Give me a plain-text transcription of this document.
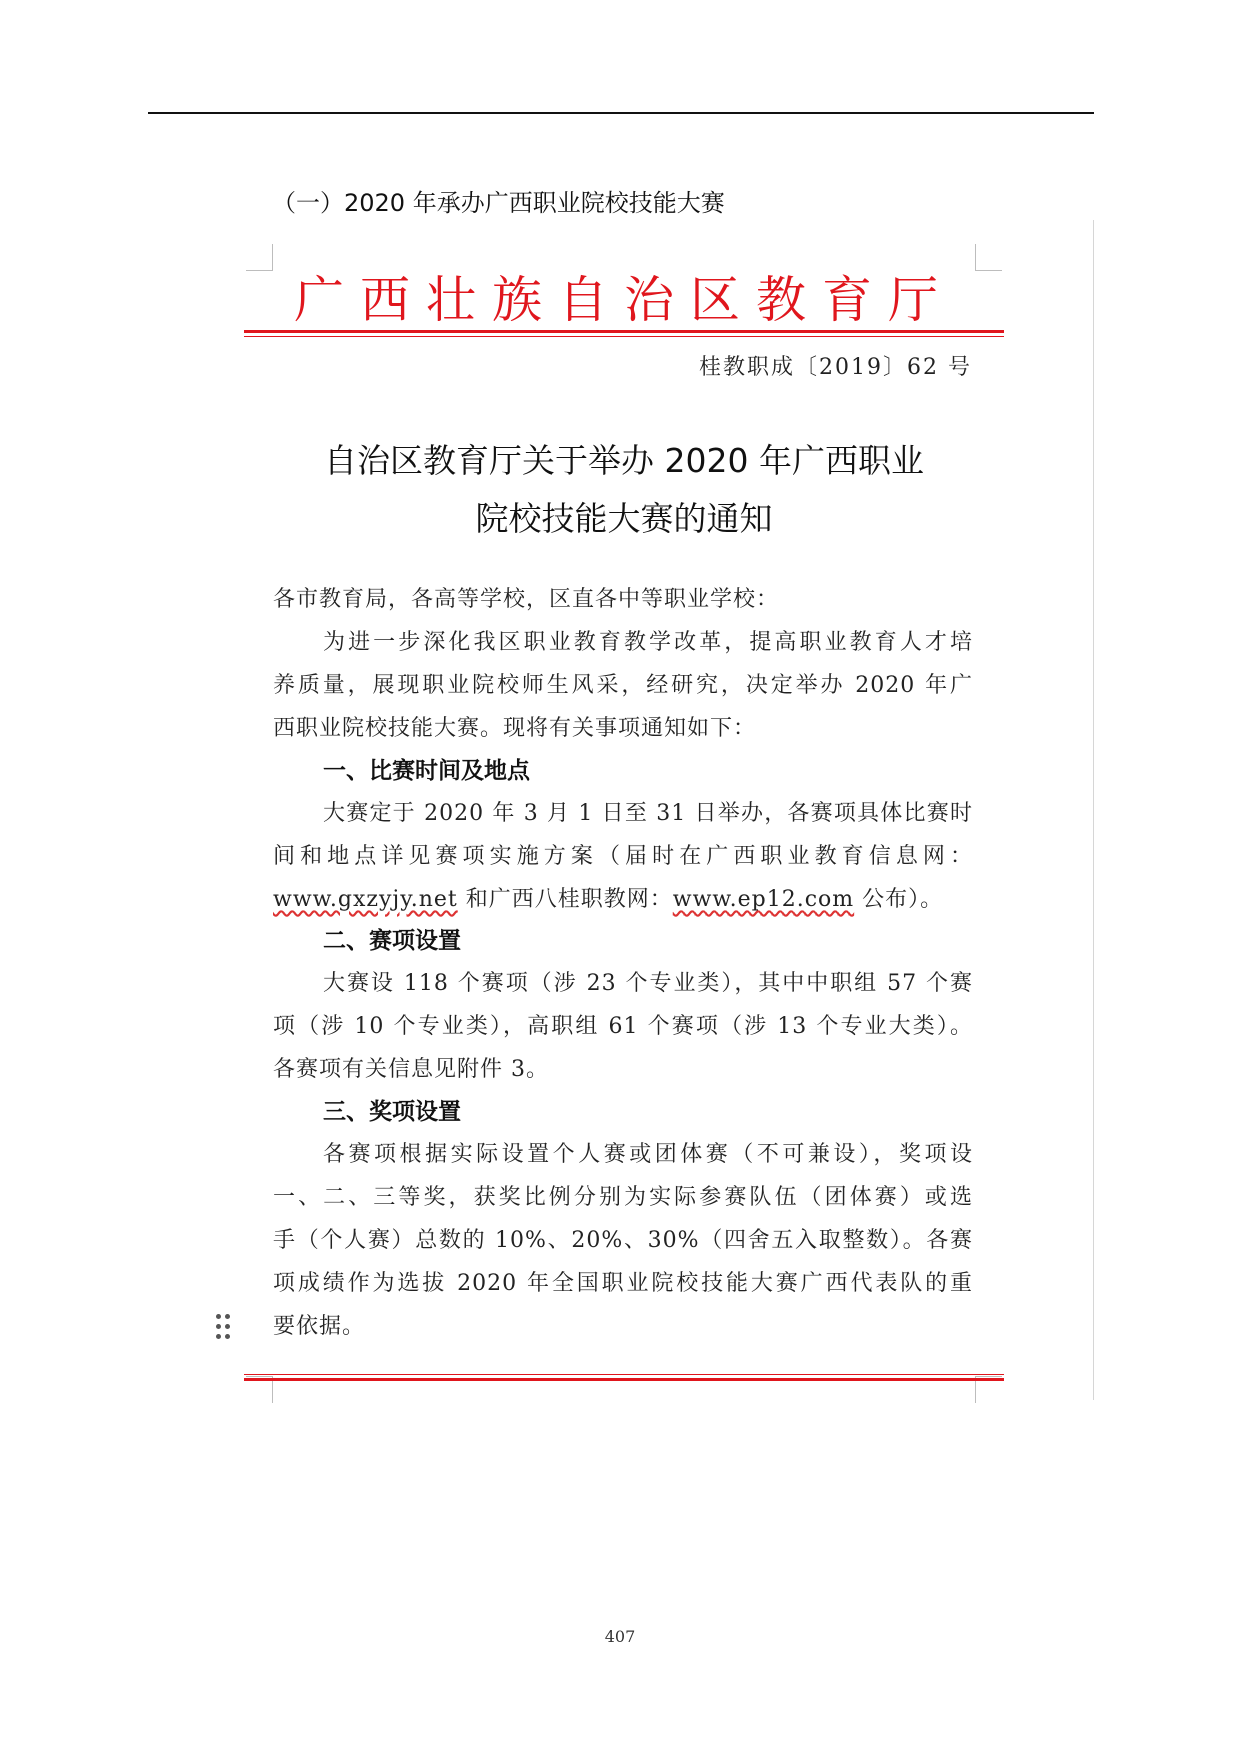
（一）2020 年承办广西职业院校技能大赛
广西壮族自治区教育厅
桂教职成〔2019〕62 号
自治区教育厅关于举办 2020 年广西职业
院校技能大赛的通知
各市教育局，各高等学校，区直各中等职业学校：
为进一步深化我区职业教育教学改革，提高职业教育人才培
养质量，展现职业院校师生风采，经研究，决定举办 2020 年广
西职业院校技能大赛。现将有关事项通知如下：
一、比赛时间及地点
大赛定于 2020 年 3 月 1 日至 31 日举办，各赛项具体比赛时
间和地点详见赛项实施方案（届时在广西职业教育信息网：
www.gxzyjy.net 和广西八桂职教网：www.ep12.com 公布）。
二、赛项设置
大赛设 118 个赛项（涉 23 个专业类），其中中职组 57 个赛
项（涉 10 个专业类），高职组 61 个赛项（涉 13 个专业大类）。
各赛项有关信息见附件 3。
三、奖项设置
各赛项根据实际设置个人赛或团体赛（不可兼设），奖项设
一、二、三等奖，获奖比例分别为实际参赛队伍（团体赛）或选
手（个人赛）总数的 10%、20%、30%（四舍五入取整数）。各赛
项成绩作为选拔 2020 年全国职业院校技能大赛广西代表队的重
要依据。
407
